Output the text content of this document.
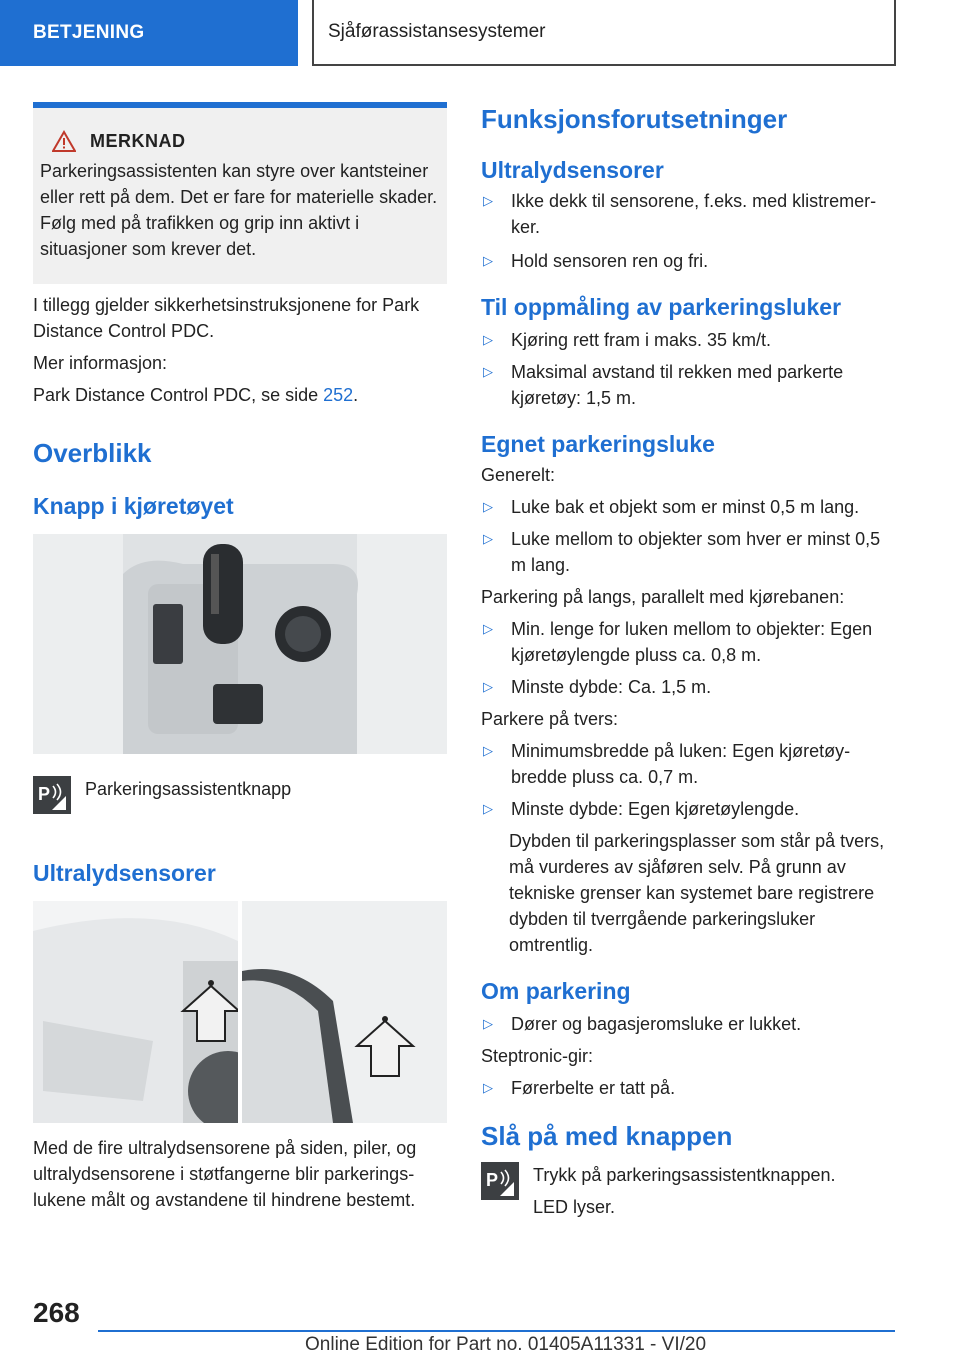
BETJENING	Sjåførassistansesystemer
MERKNAD
Parkeringsassistenten kan styre over kantsteiner eller rett på dem. Det er fare for materielle skader. Følg med på trafikken og grip inn aktivt i situasjoner som krever det.

I tillegg gjelder sikkerhetsinstruksjonene for Park Distance Control PDC.

Mer informasjon:

Park Distance Control PDC, se side 252.

Overblikk
Knapp i kjøretøyet
P Parkeringsassistentknapp
Ultralydsensorer

Med de fire ultralydsensorene på siden, piler, og ultralydsensorene i støtfangerne blir parkeringslukene målt og avstandene til hindrene bestemt.

Funksjonsforutsetninger
Ultralydsensorer
▷	Ikke dekk til sensorene, f.eks. med klistremerker.
▷	Hold sensoren ren og fri.
Til oppmåling av parkeringsluker
▷	Kjøring rett fram i maks. 35 km/t.
▷	Maksimal avstand til rekken med parkerte kjøretøy: 1,5 m.
Egnet parkeringsluke

Generelt:

▷	Luke bak et objekt som er minst 0,5 m lang.
▷	Luke mellom to objekter som hver er minst 0,5 m lang.

Parkering på langs, parallelt med kjørebanen:

▷	Min. lenge for luken mellom to objekter: Egen kjøretøylengde pluss ca. 0,8 m.
▷	Minste dybde: Ca. 1,5 m.

Parkere på tvers:

▷	Minimumsbredde på luken: Egen kjøretøybredde pluss ca. 0,7 m.
▷	Minste dybde: Egen kjøretøylengde.
Dybden til parkeringsplasser som står på tvers, må vurderes av sjåføren selv. På grunn av tekniske grenser kan systemet bare registrere dybden til tverrgående parkeringsluker omtrentlig.
Om parkering
▷	Dører og bagasjeromsluke er lukket.

Steptronic-gir:

▷	Førerbelte er tatt på.
Slå på med knappen
P Trykk på parkeringsassistentknappen.

LED lyser.

268
Online Edition for Part no. 01405A11331 - VI/20
